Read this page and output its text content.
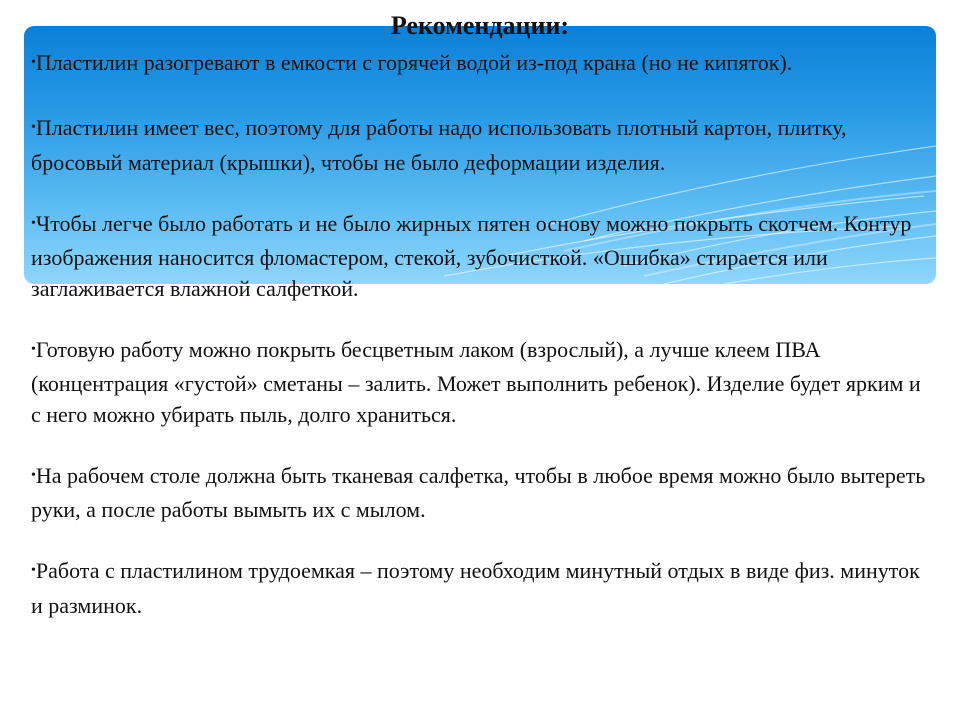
Рекомендации:
•Пластилин разогревают в емкости с горячей водой из-под крана (но не кипяток).
•Пластилин имеет вес, поэтому для работы надо использовать плотный картон, плитку, бросовый материал (крышки), чтобы не было деформации изделия.
•Чтобы легче было работать и не было жирных пятен основу можно покрыть скотчем. Контур изображения наносится фломастером, стекой, зубочисткой. «Ошибка» стирается или заглаживается влажной салфеткой.
•Готовую работу можно покрыть бесцветным лаком (взрослый), а лучше клеем ПВА (концентрация «густой» сметаны – залить. Может выполнить ребенок). Изделие будет ярким и с него можно убирать пыль, долго храниться.
•На рабочем столе должна быть тканевая салфетка, чтобы в любое время можно было вытереть руки, а после работы вымыть их с мылом.
•Работа с пластилином трудоемкая – поэтому необходим минутный отдых в виде физ. минуток и разминок.
